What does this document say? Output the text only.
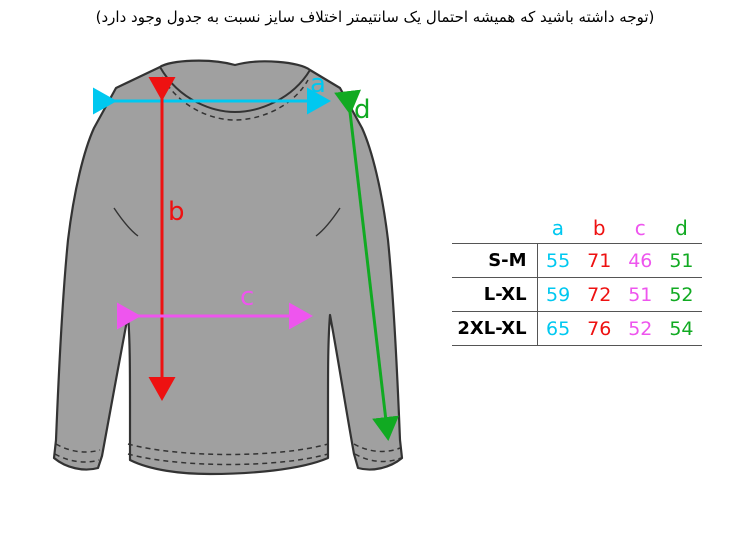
(توجه داشته باشید که همیشه احتمال یک سانتیمتر اختلاف سایز نسبت به جدول وجود دارد)
a
b
c
d
	a	b	c	d
S-M	55	71	46	51
L-XL	59	72	51	52
2XL-XL	65	76	52	54
